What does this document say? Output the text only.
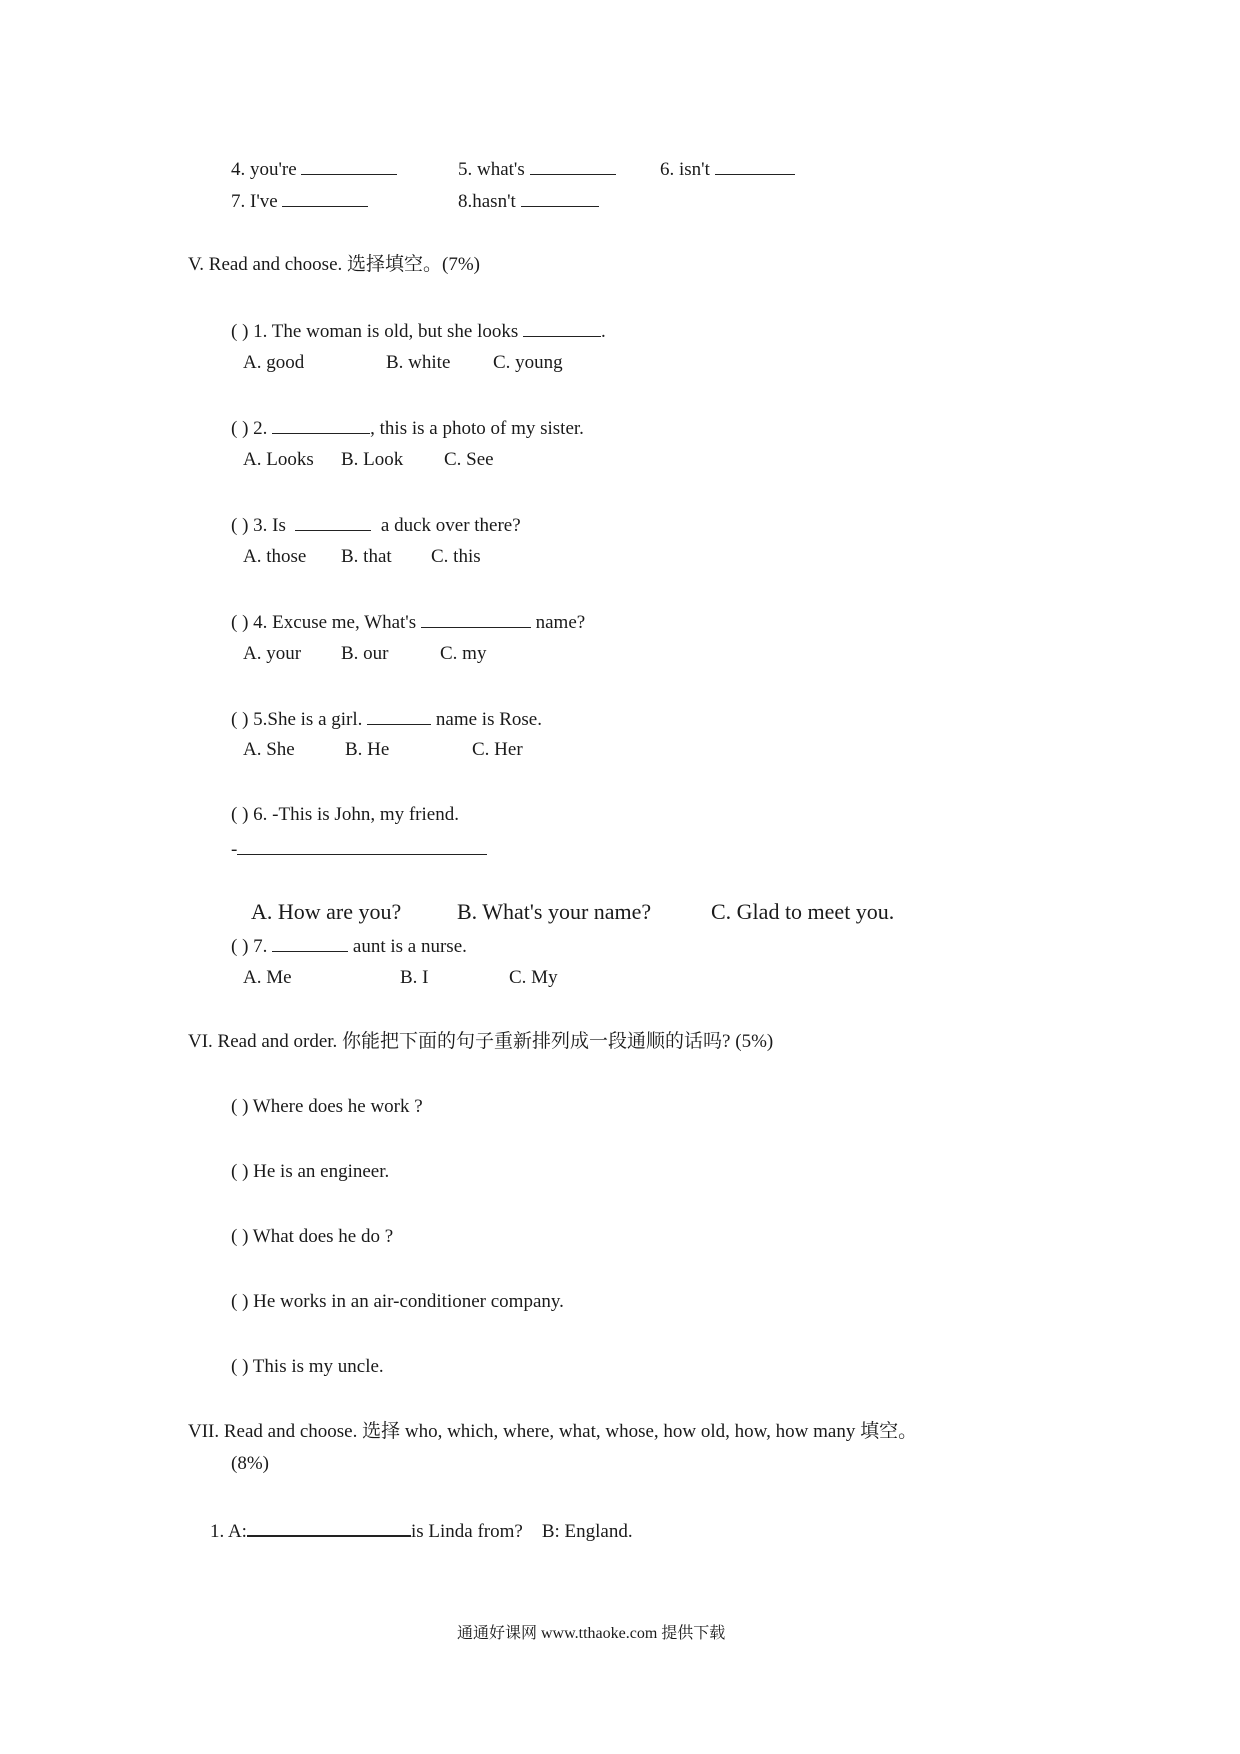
4. you're	5. what's	6. isn't
7. I've	8.hasn't
V. Read and choose. 选择填空。(7%)
( ) 1. The woman is old, but she looks	.
A. good	B. white C. young
( ) 2.	, this is a photo of my sister.
A. Looks B. Look C. See
( ) 3. Is	a duck over there?
A. those B. that C. this
( ) 4. Excuse me, What's	name?
A. your B. our	C. my
( ) 5.She is a girl.	name is Rose.
A. She	B. He	C. Her
( ) 6. -This is John, my friend.
-
A. How are you?	B. What's your name?	C. Glad to meet you.
( ) 7.	aunt is a nurse.
A. Me	B. I	C. My
VI. Read and order. 你能把下面的句子重新排列成一段通顺的话吗? (5%)
( ) Where does he work ?
( ) He is an engineer.
( ) What does he do ?
( ) He works in an air-conditioner company.
( ) This is my uncle.
VII. Read and choose. 选择 who, which, where, what, whose, how old, how, how many 填空。
(8%)
1. A:	is Linda from? B: England.
通通好课网 www.tthaoke.com 提供下载
